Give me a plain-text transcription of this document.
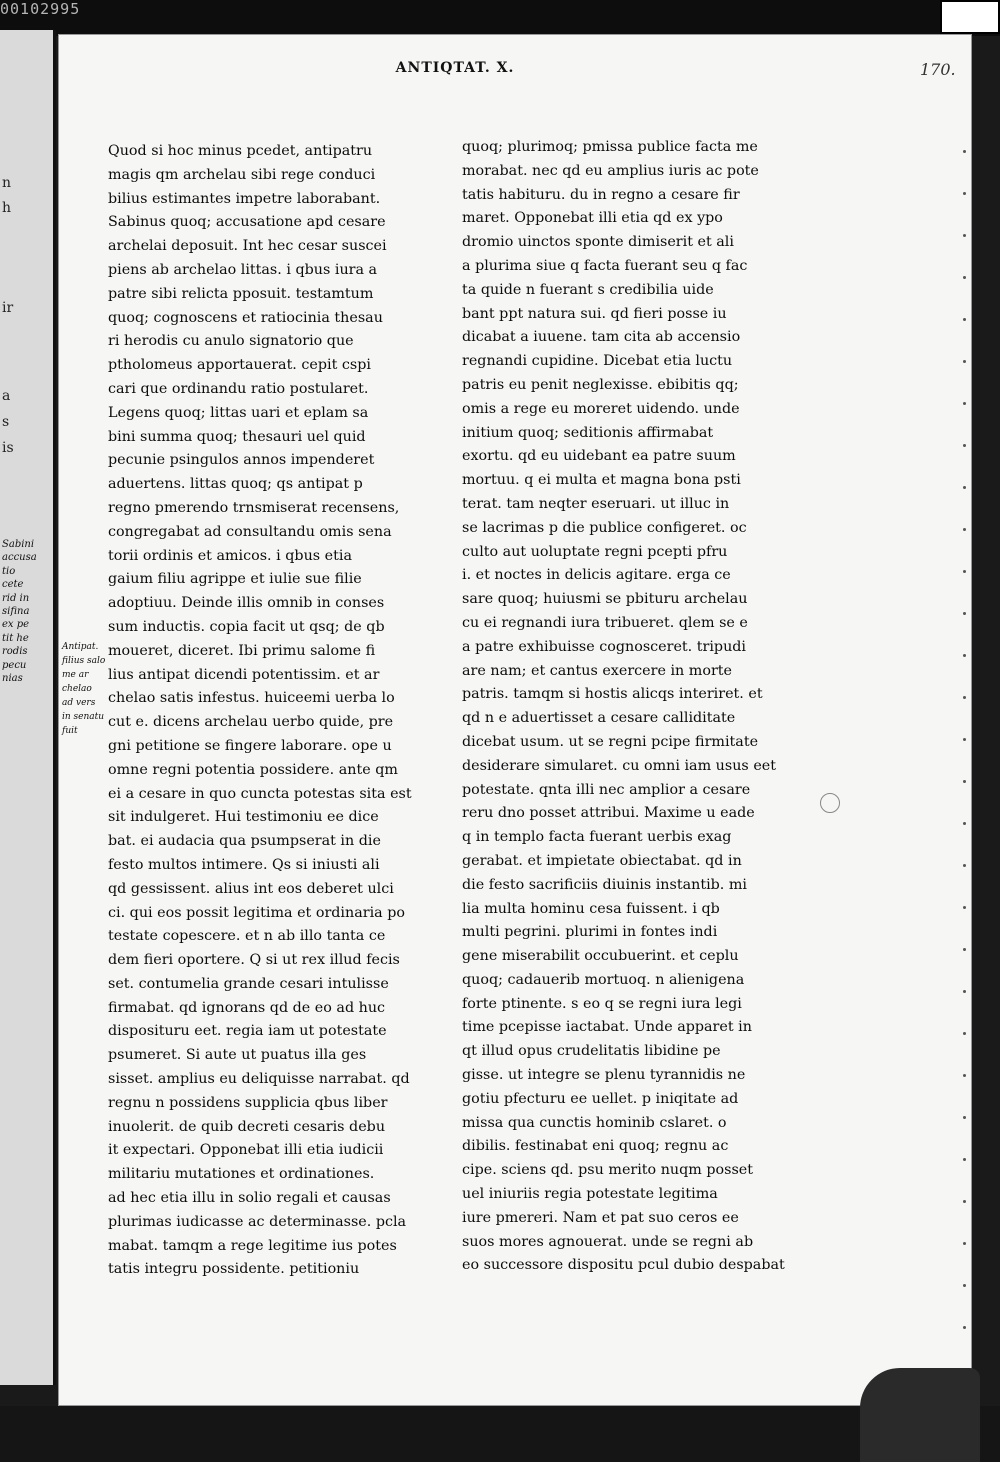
00102995
n
h
ir
a
s
is
Sabini
accusa
tio
cete
rid in
sifina
ex pe
tit he
rodis
pecu
nias
ANTIQTAT. X.	170.
Antipat.
filius salo
me ar
chelao
ad vers
in senatu
fuit
Quod si hoc minus pcedet, antipatru
magis qm archelau sibi rege conduci
bilius estimantes impetre laborabant.
Sabinus quoq; accusatione apd cesare
archelai deposuit. Int hec cesar suscei
piens ab archelao littas. i qbus iura a
patre sibi relicta pposuit. testamtum
quoq; cognoscens et ratiocinia thesau
ri herodis cu anulo signatorio que
ptholomeus apportauerat. cepit cspi
cari que ordinandu ratio postularet.
Legens quoq; littas uari et eplam sa
bini summa quoq; thesauri uel quid
pecunie psingulos annos impenderet
aduertens. littas quoq; qs antipat p
regno pmerendo trnsmiserat recensens,
congregabat ad consultandu omis sena
torii ordinis et amicos. i qbus etia
gaium filiu agrippe et iulie sue filie
adoptiuu. Deinde illis omnib in conses
sum inductis. copia facit ut qsq; de qb
moueret, diceret. Ibi primu salome fi
lius antipat dicendi potentissim. et ar
chelao satis infestus. huiceemi uerba lo
cut e. dicens archelau uerbo quide, pre
gni petitione se fingere laborare. ope u
omne regni potentia possidere. ante qm
ei a cesare in quo cuncta potestas sita est
sit indulgeret. Hui testimoniu ee dice
bat. ei audacia qua psumpserat in die
festo multos intimere. Qs si iniusti ali
qd gessissent. alius int eos deberet ulci
ci. qui eos possit legitima et ordinaria po
testate copescere. et n ab illo tanta ce
dem fieri oportere. Q si ut rex illud fecis
set. contumelia grande cesari intulisse
firmabat. qd ignorans qd de eo ad huc
disposituru eet. regia iam ut potestate
psumeret. Si aute ut puatus illa ges
sisset. amplius eu deliquisse narrabat. qd
regnu n possidens supplicia qbus liber
inuolerit. de quib decreti cesaris debu
it expectari. Opponebat illi etia iudicii
militariu mutationes et ordinationes.
ad hec etia illu in solio regali et causas
plurimas iudicasse ac determinasse. pcla
mabat. tamqm a rege legitime ius potes
tatis integru possidente. petitioniu
quoq; plurimoq; pmissa publice facta me
morabat. nec qd eu amplius iuris ac pote
tatis habituru. du in regno a cesare fir
maret. Opponebat illi etia qd ex ypo
dromio uinctos sponte dimiserit et ali
a plurima siue q facta fuerant seu q fac
ta quide n fuerant s credibilia uide
bant ppt natura sui. qd fieri posse iu
dicabat a iuuene. tam cita ab accensio
regnandi cupidine. Dicebat etia luctu
patris eu penit neglexisse. ebibitis qq;
omis a rege eu moreret uidendo. unde
initium quoq; seditionis affirmabat
exortu. qd eu uidebant ea patre suum
mortuu. q ei multa et magna bona psti
terat. tam neqter eseruari. ut illuc in
se lacrimas p die publice configeret. oc
culto aut uoluptate regni pcepti pfru
i. et noctes in delicis agitare. erga ce
sare quoq; huiusmi se pbituru archelau
cu ei regnandi iura tribueret. qlem se e
a patre exhibuisse cognosceret. tripudi
are nam; et cantus exercere in morte
patris. tamqm si hostis alicqs interiret. et
qd n e aduertisset a cesare calliditate
dicebat usum. ut se regni pcipe firmitate
desiderare simularet. cu omni iam usus eet
potestate. qnta illi nec amplior a cesare
reru dno posset attribui. Maxime u eade
q in templo facta fuerant uerbis exag
gerabat. et impietate obiectabat. qd in
die festo sacrificiis diuinis instantib. mi
lia multa hominu cesa fuissent. i qb
multi pegrini. plurimi in fontes indi
gene miserabilit occubuerint. et ceplu
quoq; cadauerib mortuoq. n alienigena
forte ptinente. s eo q se regni iura legi
time pcepisse iactabat. Unde apparet in
qt illud opus crudelitatis libidine pe
gisse. ut integre se plenu tyrannidis ne
gotiu pfecturu ee uellet. p iniqitate ad
missa qua cunctis hominib cslaret. o
dibilis. festinabat eni quoq; regnu ac
cipe. sciens qd. psu merito nuqm posset
uel iniuriis regia potestate legitima
iure pmereri. Nam et pat suo ceros ee
suos mores agnouerat. unde se regni ab
eo successore dispositu pcul dubio despabat
